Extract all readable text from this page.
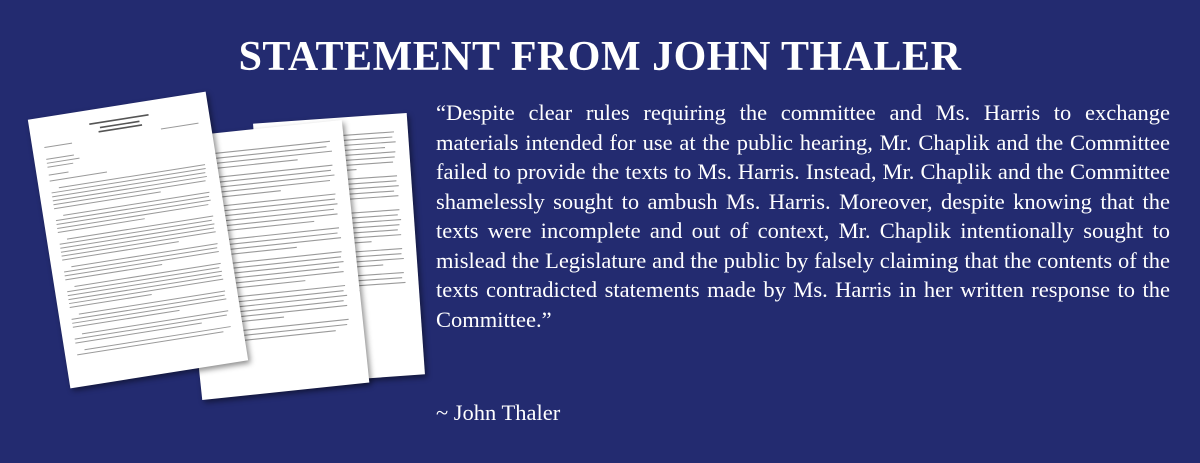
STATEMENT FROM JOHN THALER
“Despite clear rules requiring the committee and Ms. Harris to exchange materials intended for use at the public hearing, Mr. Chaplik and the Committee failed to provide the texts to Ms. Harris. Instead, Mr. Chaplik and the Committee shamelessly sought to ambush Ms. Harris. Moreover, despite knowing that the texts were incomplete and out of context, Mr. Chaplik intentionally sought to mislead the Legislature and the public by falsely claiming that the contents of the texts contradicted statements made by Ms. Harris in her written response to the Committee.”
~ John Thaler
